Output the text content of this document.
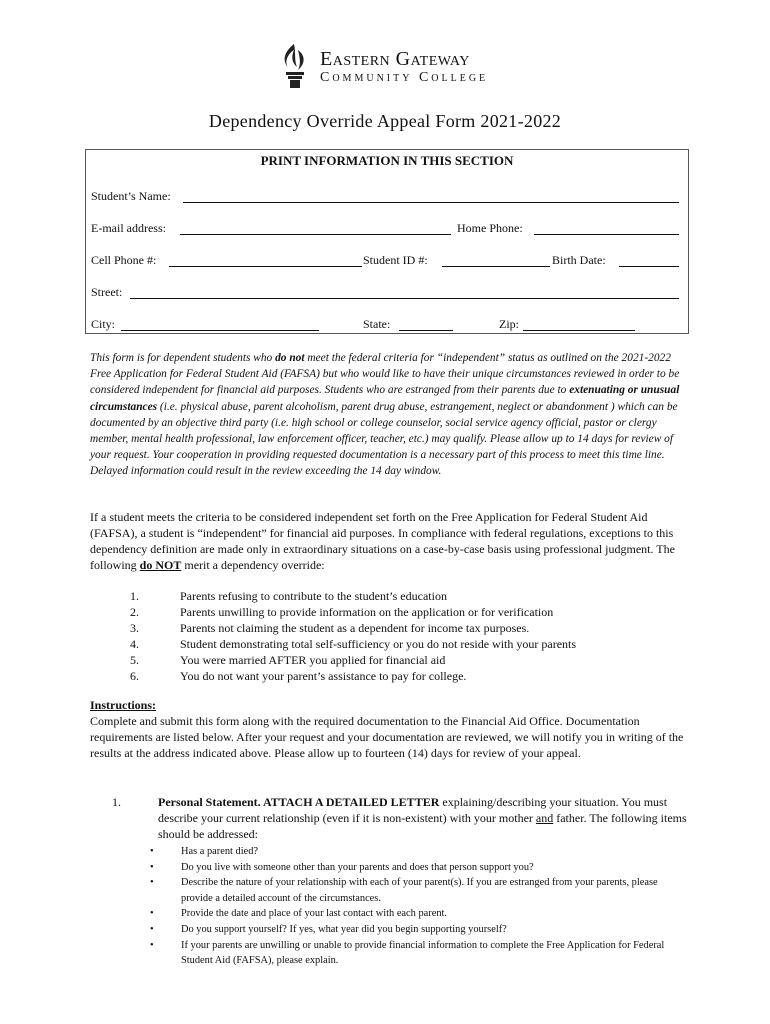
Eastern Gateway
Community College
Dependency Override Appeal Form 2021-2022
PRINT INFORMATION IN THIS SECTION
Student’s Name:
E-mail address:	Home Phone:
Cell Phone #:	Student ID #:	Birth Date:
Street:
City:	State:	Zip:
This form is for dependent students who do not meet the federal criteria for “independent” status as outlined on the 2021-2022 Free Application for Federal Student Aid (FAFSA) but who would like to have their unique circumstances reviewed in order to be considered independent for financial aid purposes. Students who are estranged from their parents due to extenuating or unusual circumstances (i.e. physical abuse, parent alcoholism, parent drug abuse, estrangement, neglect or abandonment ) which can be documented by an objective third party (i.e. high school or college counselor, social service agency official, pastor or clergy member, mental health professional, law enforcement officer, teacher, etc.) may qualify. Please allow up to 14 days for review of your request. Your cooperation in providing requested documentation is a necessary part of this process to meet this time line. Delayed information could result in the review exceeding the 14 day window.
If a student meets the criteria to be considered independent set forth on the Free Application for Federal Student Aid (FAFSA), a student is “independent” for financial aid purposes. In compliance with federal regulations, exceptions to this dependency definition are made only in extraordinary situations on a case-by-case basis using professional judgment. The following do NOT merit a dependency override:
1.	Parents refusing to contribute to the student’s education
2.	Parents unwilling to provide information on the application or for verification
3.	Parents not claiming the student as a dependent for income tax purposes.
4.	Student demonstrating total self-sufficiency or you do not reside with your parents
5.	You were married AFTER you applied for financial aid
6.	You do not want your parent’s assistance to pay for college.
Instructions:
Complete and submit this form along with the required documentation to the Financial Aid Office. Documentation requirements are listed below. After your request and your documentation are reviewed, we will notify you in writing of the results at the address indicated above. Please allow up to fourteen (14) days for review of your appeal.
1.	Personal Statement. ATTACH A DETAILED LETTER explaining/describing your situation. You must describe your current relationship (even if it is non-existent) with your mother and father. The following items should be addressed:
•	Has a parent died?
•	Do you live with someone other than your parents and does that person support you?
•	Describe the nature of your relationship with each of your parent(s). If you are estranged from your parents, please provide a detailed account of the circumstances.
•	Provide the date and place of your last contact with each parent.
•	Do you support yourself? If yes, what year did you begin supporting yourself?
•	If your parents are unwilling or unable to provide financial information to complete the Free Application for Federal Student Aid (FAFSA), please explain.
